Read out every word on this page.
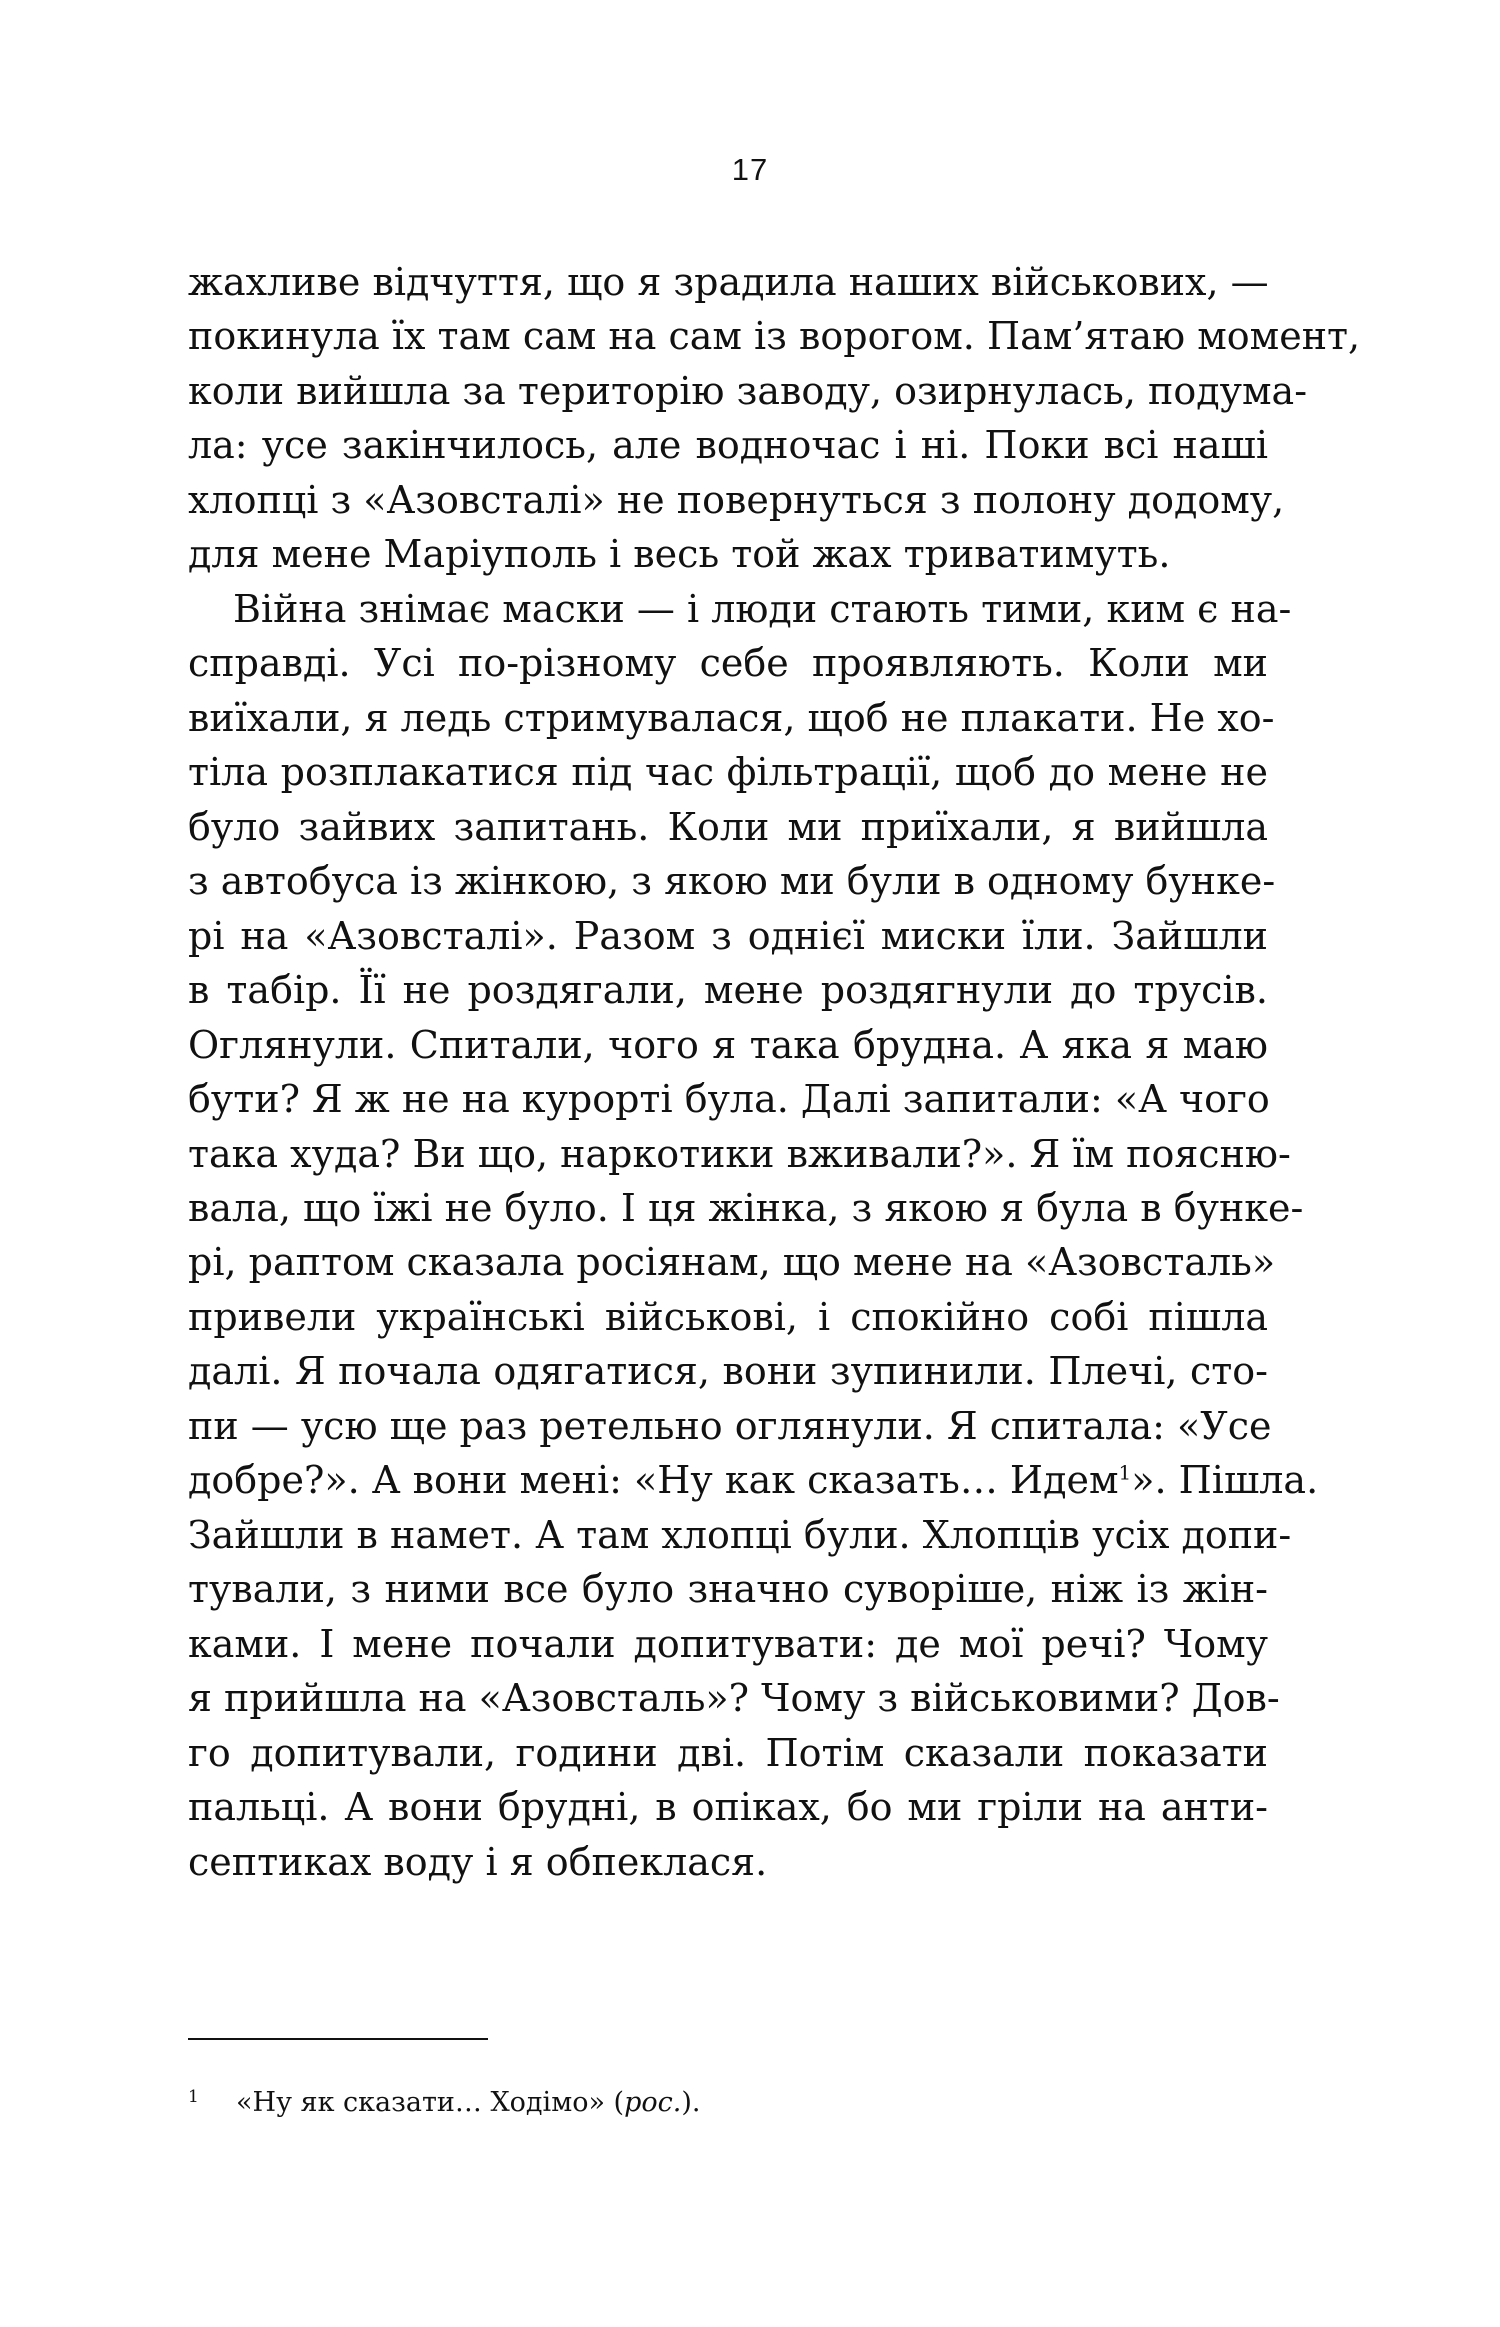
17
жахливе відчуття, що я зрадила наших військових, —
покинула їх там сам на сам із ворогом. Пам’ятаю момент,
коли вийшла за територію заводу, озирнулась, подума-
ла: усе закінчилось, але водночас і ні. Поки всі наші
хлопці з «Азовсталі» не повернуться з полону додому,
для мене Маріуполь і весь той жах триватимуть.
Війна знімає маски — і люди стають тими, ким є на-
справді. Усі по-різному себе проявляють. Коли ми
виїхали, я ледь стримувалася, щоб не плакати. Не хо-
тіла розплакатися під час фільтрації, щоб до мене не
було зайвих запитань. Коли ми приїхали, я вийшла
з автобуса із жінкою, з якою ми були в одному бунке-
рі на «Азовсталі». Разом з однієї миски їли. Зайшли
в табір. Її не роздягали, мене роздягнули до трусів.
Оглянули. Спитали, чого я така брудна. А яка я маю
бути? Я ж не на курорті була. Далі запитали: «А чого
така худа? Ви що, наркотики вживали?». Я їм поясню-
вала, що їжі не було. І ця жінка, з якою я була в бунке-
рі, раптом сказала росіянам, що мене на «Азовсталь»
привели українські військові, і спокійно собі пішла
далі. Я почала одягатися, вони зупинили. Плечі, сто-
пи — усю ще раз ретельно оглянули. Я спитала: «Усе
добре?». А вони мені: «Ну как сказать… Идем$^1$». Пішла.
Зайшли в намет. А там хлопці були. Хлопців усіх допи-
тували, з ними все було значно суворіше, ніж із жін-
ками. І мене почали допитувати: де мої речі? Чому
я прийшла на «Азовсталь»? Чому з військовими? Дов-
го допитували, години дві. Потім сказали показати
пальці. А вони брудні, в опіках, бо ми гріли на анти-
септиках воду і я обпеклася.
1 «Ну як сказати… Ходімо» (рос.).
